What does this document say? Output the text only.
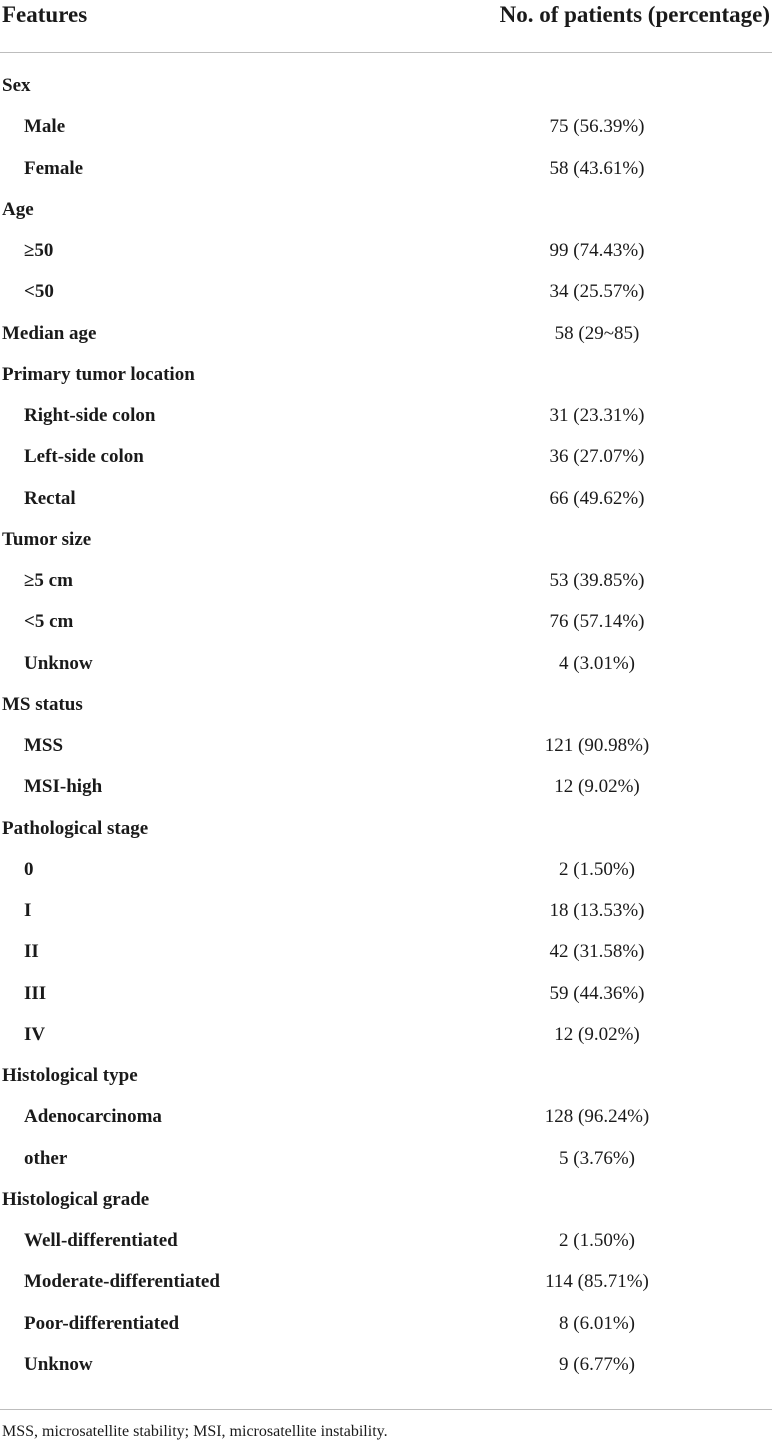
Features	No. of patients (percentage)
Sex
Male	75 (56.39%)
Female	58 (43.61%)
Age
≥50	99 (74.43%)
<50	34 (25.57%)
Median age	58 (29~85)
Primary tumor location
Right-side colon	31 (23.31%)
Left-side colon	36 (27.07%)
Rectal	66 (49.62%)
Tumor size
≥5 cm	53 (39.85%)
<5 cm	76 (57.14%)
Unknow	4 (3.01%)
MS status
MSS	121 (90.98%)
MSI-high	12 (9.02%)
Pathological stage
0	2 (1.50%)
I	18 (13.53%)
II	42 (31.58%)
III	59 (44.36%)
IV	12 (9.02%)
Histological type
Adenocarcinoma	128 (96.24%)
other	5 (3.76%)
Histological grade
Well-differentiated	2 (1.50%)
Moderate-differentiated	114 (85.71%)
Poor-differentiated	8 (6.01%)
Unknow	9 (6.77%)
MSS, microsatellite stability; MSI, microsatellite instability.
